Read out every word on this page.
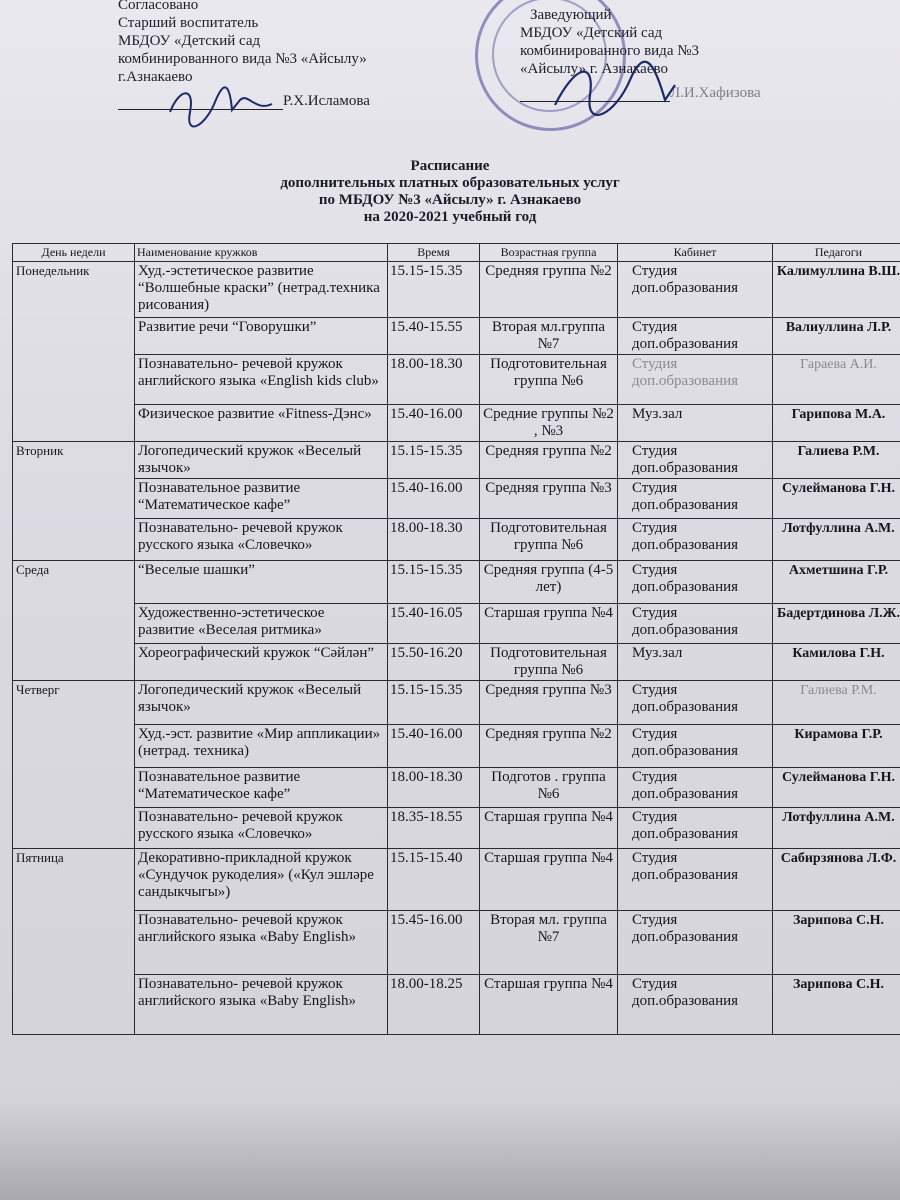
Согласовано
Старший воспитатель
МБДОУ «Детский сад
комбинированного вида №3 «Айсылу»
г.Азнакаево
Р.Х.Исламова
Заведующий
МБДОУ «Детский сад
комбинированного вида №3
«Айсылу» г. Азнакаево
Л.И.Хафизова
Расписание
дополнительных платных образовательных услуг
по МБДОУ №3 «Айсылу» г. Азнакаево
на 2020-2021 учебный год
День недели	Наименование кружков	Время	Возрастная группа	Кабинет	Педагоги
Понедельник	Худ.-эстетическое развитие “Волшебные краски” (нетрад.техника рисования)	15.15-15.35	Средняя группа №2	Студия доп.образования	Калимуллина В.Ш.
	Развитие речи “Говорушки”	15.40-15.55	Вторая мл.группа №7	Студия доп.образования	Валиуллина Л.Р.
	Познавательно- речевой кружок английского языка «English kids club»	18.00-18.30	Подготовительная группа №6	Студия доп.образования	Гараева А.И.
	Физическое развитие «Fitness-Дэнс»	15.40-16.00	Средние группы №2 , №3	Муз.зал	Гарипова М.А.
Вторник	Логопедический кружок «Веселый язычок»	15.15-15.35	Средняя группа №2	Студия доп.образования	Галиева Р.М.
	Познавательное развитие “Математическое кафе”	15.40-16.00	Средняя группа №3	Студия доп.образования	Сулейманова Г.Н.
	Познавательно- речевой кружок русского языка «Словечко»	18.00-18.30	Подготовительная группа №6	Студия доп.образования	Лотфуллина А.М.
Среда	“Веселые шашки”	15.15-15.35	Средняя группа (4-5 лет)	Студия доп.образования	Ахметшина Г.Р.
	Художественно-эстетическое развитие «Веселая ритмика»	15.40-16.05	Старшая группа №4	Студия доп.образования	Бадертдинова Л.Ж.
	Хореографический кружок “Сәйлән”	15.50-16.20	Подготовительная группа №6	Муз.зал	Камилова Г.Н.
Четверг	Логопедический кружок «Веселый язычок»	15.15-15.35	Средняя группа №3	Студия доп.образования	Галиева Р.М.
	Худ.-эст. развитие «Мир аппликации» (нетрад. техника)	15.40-16.00	Средняя группа №2	Студия доп.образования	Кирамова Г.Р.
	Познавательное развитие “Математическое кафе”	18.00-18.30	Подготов . группа №6	Студия доп.образования	Сулейманова Г.Н.
	Познавательно- речевой кружок русского языка «Словечко»	18.35-18.55	Старшая группа №4	Студия доп.образования	Лотфуллина А.М.
Пятница	Декоративно-прикладной кружок «Сундучок рукоделия» («Кул эшләре сандыкчыгы»)	15.15-15.40	Старшая группа №4	Студия доп.образования	Сабирзянова Л.Ф.
	Познавательно- речевой кружок английского языка «Baby English»	15.45-16.00	Вторая мл. группа №7	Студия доп.образования	Зарипова С.Н.
	Познавательно- речевой кружок английского языка «Baby English»	18.00-18.25	Старшая группа №4	Студия доп.образования	Зарипова С.Н.
